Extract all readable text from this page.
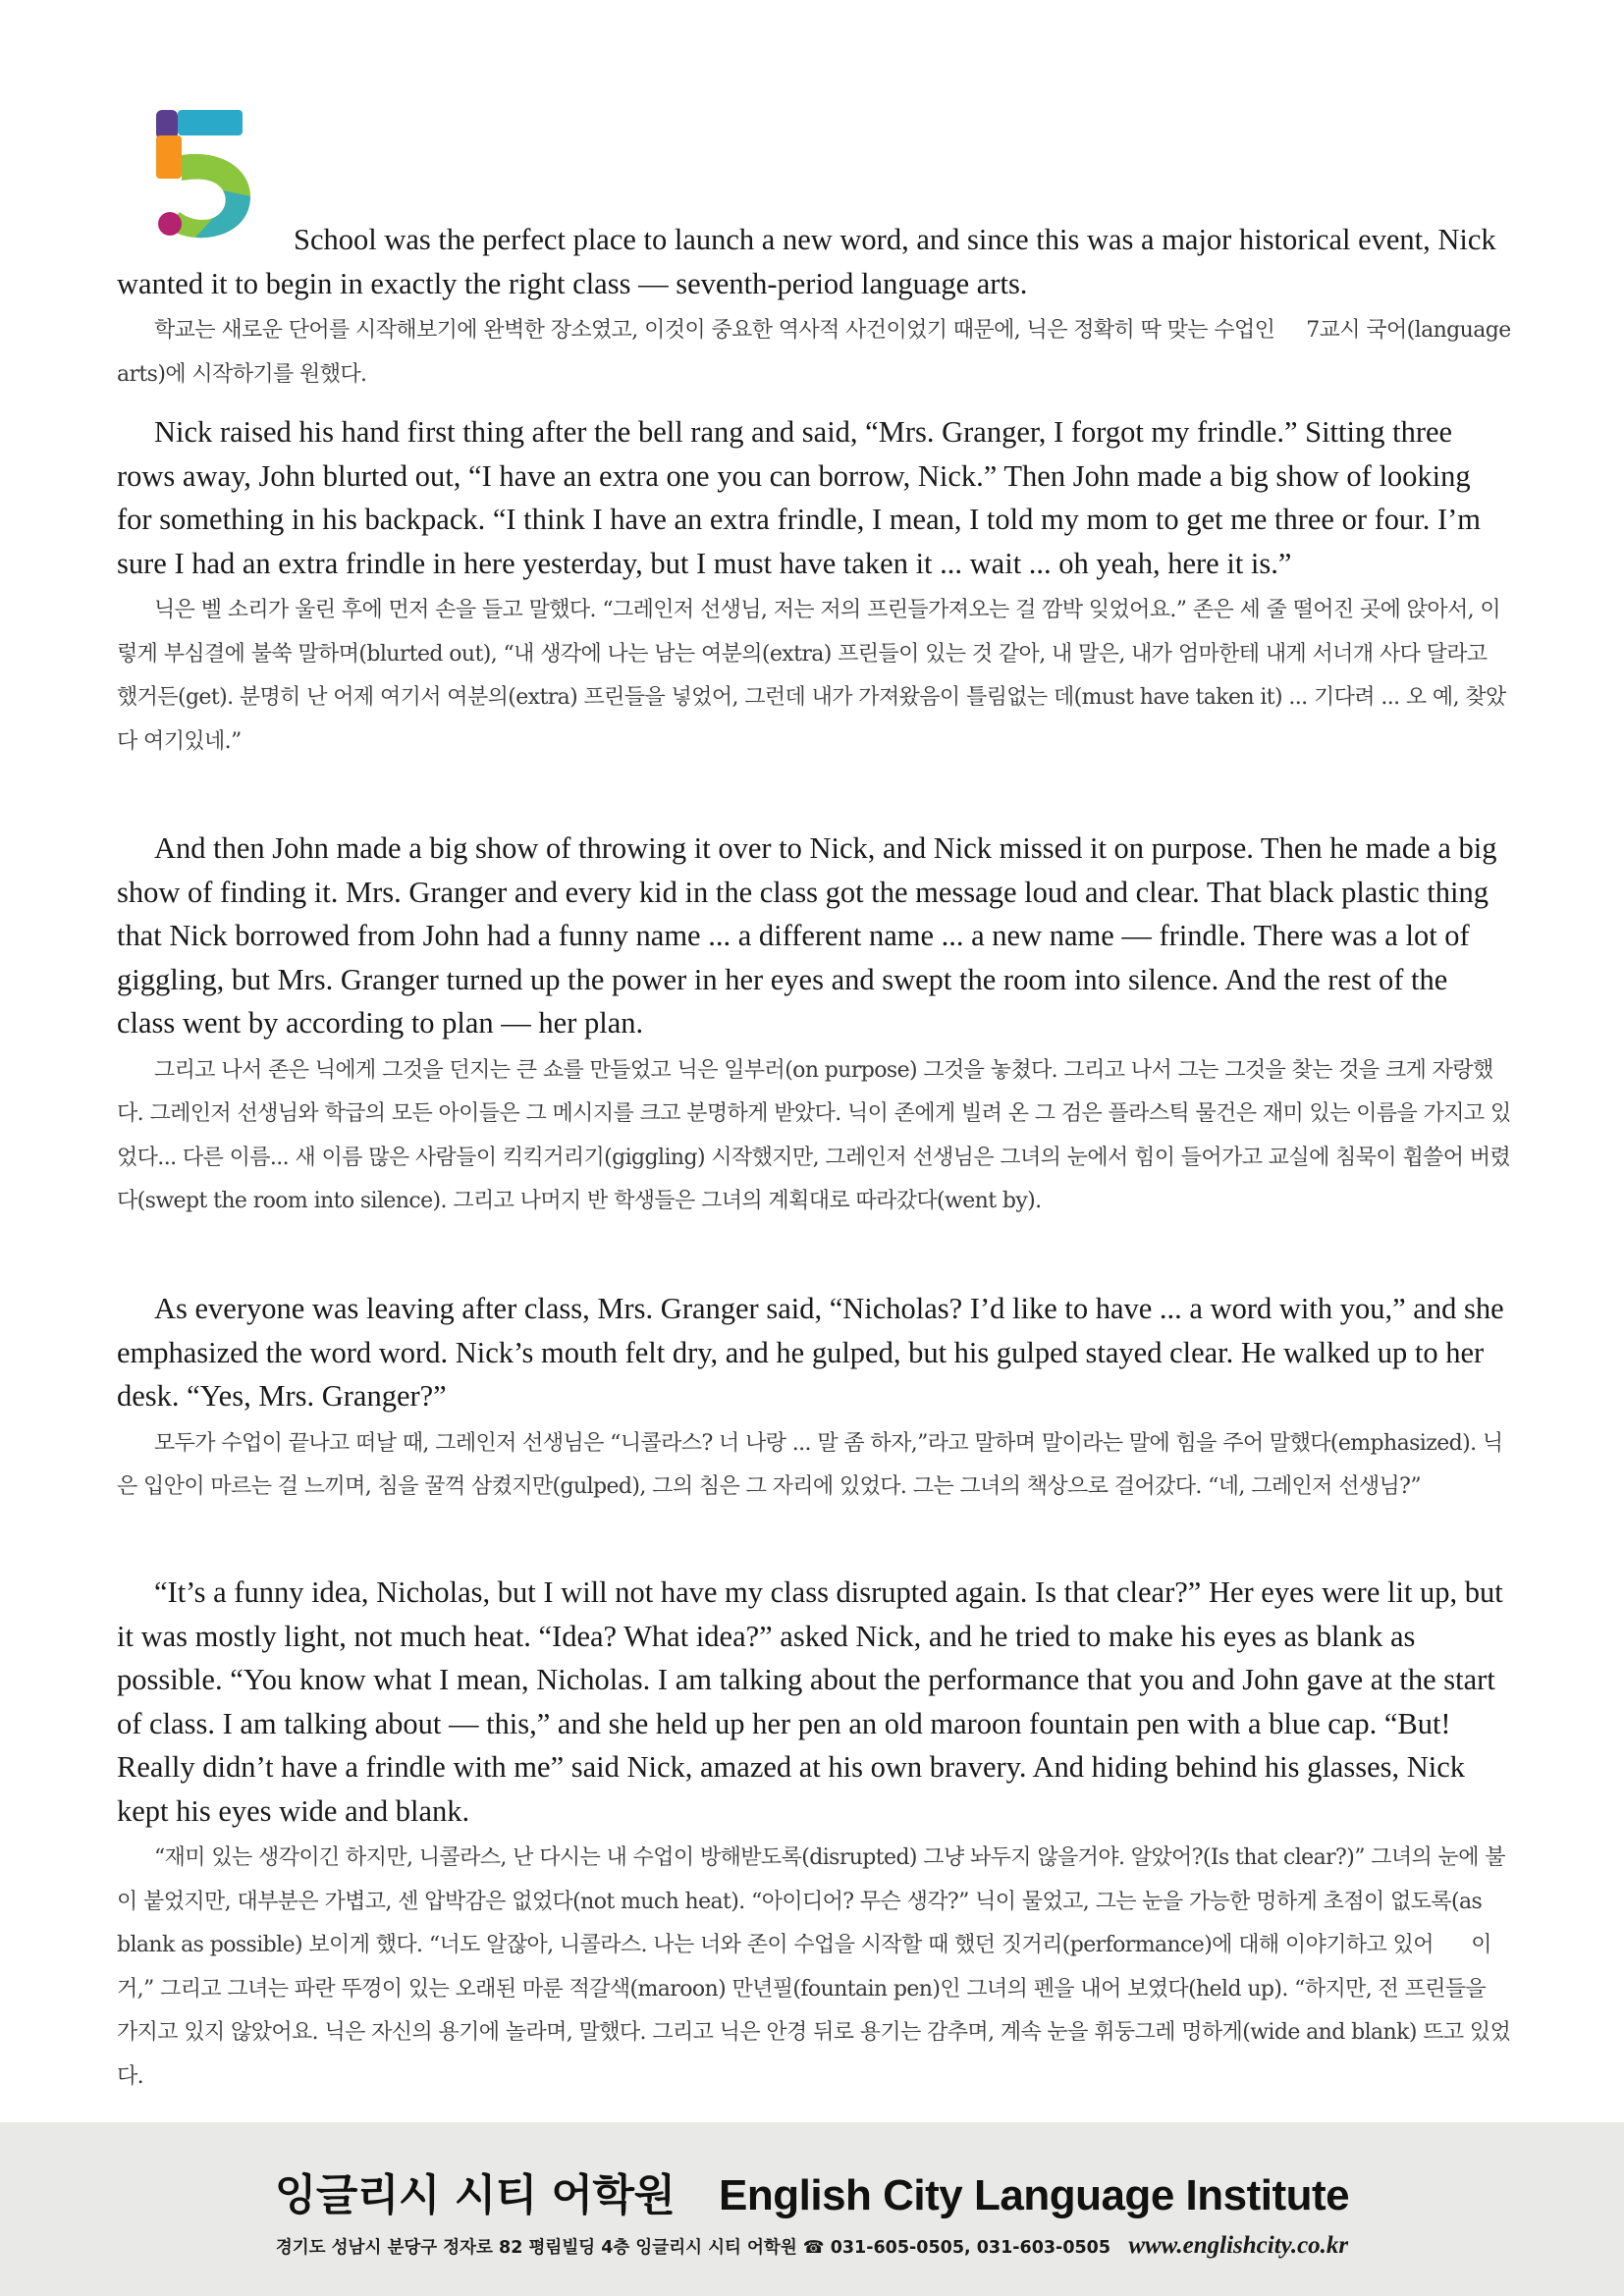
5

School was the perfect place to launch a new word, and since this was a major historical event, Nick wanted it to begin in exactly the right class — seventh-period language arts.

학교는 새로운 단어를 시작해보기에 완벽한 장소였고, 이것이 중요한 역사적 사건이었기 때문에, 닉은 정확히 딱 맞는 수업인     7교시 국어(language arts)에 시작하기를 원했다.

Nick raised his hand first thing after the bell rang and said, “Mrs. Granger, I forgot my frindle.” Sitting three rows away, John blurted out, “I have an extra one you can borrow, Nick.” Then John made a big show of looking for something in his backpack. “I think I have an extra frindle, I mean, I told my mom to get me three or four. I’m sure I had an extra frindle in here yesterday, but I must have taken it ... wait ... oh yeah, here it is.”

닉은 벨 소리가 울린 후에 먼저 손을 들고 말했다. “그레인저 선생님, 저는 저의 프린들가져오는 걸 깜박 잊었어요.” 존은 세 줄 떨어진 곳에 앉아서, 이렇게 부심결에 불쑥 말하며(blurted out), “내 생각에 나는 남는 여분의(extra) 프린들이 있는 것 같아, 내 말은, 내가 엄마한테 내게 서너개 사다 달라고 했거든(get). 분명히 난 어제 여기서 여분의(extra) 프린들을 넣었어, 그런데 내가 가져왔음이 틀림없는 데(must have taken it) ... 기다려 ... 오 예, 찾았다 여기있네.”

And then John made a big show of throwing it over to Nick, and Nick missed it on purpose. Then he made a big show of finding it. Mrs. Granger and every kid in the class got the message loud and clear. That black plastic thing that Nick borrowed from John had a funny name ... a different name ... a new name — frindle. There was a lot of giggling, but Mrs. Granger turned up the power in her eyes and swept the room into silence. And the rest of the class went by according to plan — her plan.

그리고 나서 존은 닉에게 그것을 던지는 큰 쇼를 만들었고 닉은 일부러(on purpose) 그것을 놓쳤다. 그리고 나서 그는 그것을 찾는 것을 크게 자랑했다. 그레인저 선생님와 학급의 모든 아이들은 그 메시지를 크고 분명하게 받았다. 닉이 존에게 빌려 온 그 검은 플라스틱 물건은 재미 있는 이름을 가지고 있었다... 다른 이름... 새 이름 많은 사람들이 킥킥거리기(giggling) 시작했지만, 그레인저 선생님은 그녀의 눈에서 힘이 들어가고 교실에 침묵이 휩쓸어 버렸다(swept the room into silence). 그리고 나머지 반 학생들은 그녀의 계획대로 따라갔다(went by).

As everyone was leaving after class, Mrs. Granger said, “Nicholas? I’d like to have ... a word with you,” and she emphasized the word word. Nick’s mouth felt dry, and he gulped, but his gulped stayed clear. He walked up to her desk. “Yes, Mrs. Granger?”

모두가 수업이 끝나고 떠날 때, 그레인저 선생님은 “니콜라스? 너 나랑 ... 말 좀 하자,”라고 말하며 말이라는 말에 힘을 주어 말했다(emphasized). 닉은 입안이 마르는 걸 느끼며, 침을 꿀꺽 삼켰지만(gulped), 그의 침은 그 자리에 있었다. 그는 그녀의 책상으로 걸어갔다. “네, 그레인저 선생님?”

“It’s a funny idea, Nicholas, but I will not have my class disrupted again. Is that clear?” Her eyes were lit up, but it was mostly light, not much heat. “Idea? What idea?” asked Nick, and he tried to make his eyes as blank as possible. “You know what I mean, Nicholas. I am talking about the performance that you and John gave at the start of class. I am talking about — this,” and she held up her pen an old maroon fountain pen with a blue cap. “But! Really didn’t have a frindle with me” said Nick, amazed at his own bravery. And hiding behind his glasses, Nick kept his eyes wide and blank.

“재미 있는 생각이긴 하지만, 니콜라스, 난 다시는 내 수업이 방해받도록(disrupted) 그냥 놔두지 않을거야. 알았어?(Is that clear?)” 그녀의 눈에 불이 붙었지만, 대부분은 가볍고, 센 압박감은 없었다(not much heat). “아이디어? 무슨 생각?” 닉이 물었고, 그는 눈을 가능한 멍하게 초점이 없도록(as blank as possible) 보이게 했다. “너도 알잖아, 니콜라스. 나는 너와 존이 수업을 시작할 때 했던 짓거리(performance)에 대해 이야기하고 있어      이거,” 그리고 그녀는 파란 뚜껑이 있는 오래된 마룬 적갈색(maroon) 만년필(fountain pen)인 그녀의 펜을 내어 보였다(held up). “하지만, 전 프린들을 가지고 있지 않았어요. 닉은 자신의 용기에 놀라며, 말했다. 그리고 닉은 안경 뒤로 용기는 감추며, 계속 눈을 휘둥그레 멍하게(wide and blank) 뜨고 있었다.

잉글리시 시티 어학원 English City Language Institute
경기도 성남시 분당구 정자로 82 평림빌딩 4층 잉글리시 시티 어학원 ☎ 031-605-0505, 031-603-0505 www.englishcity.co.kr
